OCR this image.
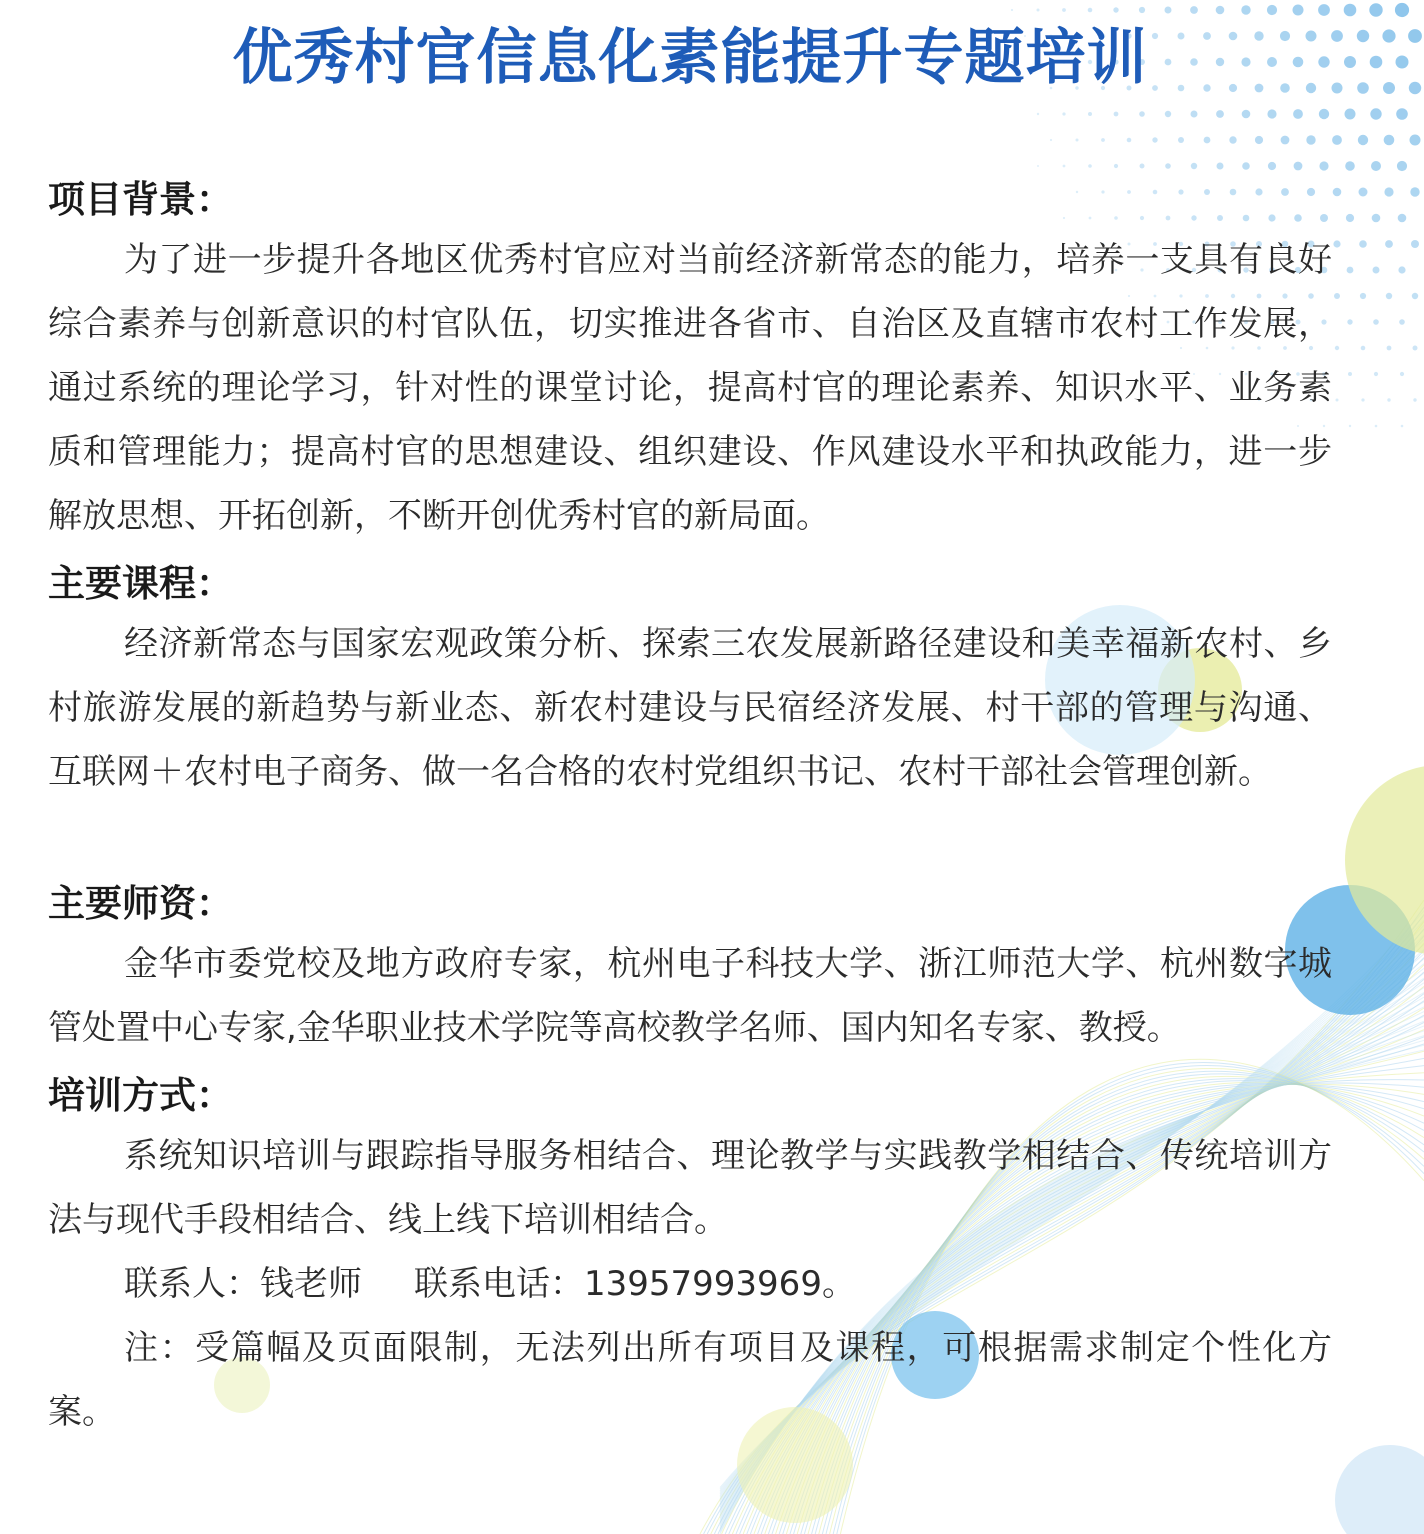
优秀村官信息化素能提升专题培训
项目背景：

为了进一步提升各地区优秀村官应对当前经济新常态的能力，培养一支具有良好综合素养与创新意识的村官队伍，切实推进各省市、自治区及直辖市农村工作发展，通过系统的理论学习，针对性的课堂讨论，提高村官的理论素养、知识水平、业务素质和管理能力；提高村官的思想建设、组织建设、作风建设水平和执政能力，进一步解放思想、开拓创新，不断开创优秀村官的新局面。

主要课程：

经济新常态与国家宏观政策分析、探索三农发展新路径建设和美幸福新农村、乡村旅游发展的新趋势与新业态、新农村建设与民宿经济发展、村干部的管理与沟通、互联网＋农村电子商务、做一名合格的农村党组织书记、农村干部社会管理创新。

主要师资：

金华市委党校及地方政府专家，杭州电子科技大学、浙江师范大学、杭州数字城管处置中心专家,金华职业技术学院等高校教学名师、国内知名专家、教授。

培训方式：

系统知识培训与跟踪指导服务相结合、理论教学与实践教学相结合、传统培训方法与现代手段相结合、线上线下培训相结合。

联系人：钱老师 联系电话：13957993969。

注：受篇幅及页面限制，无法列出所有项目及课程，可根据需求制定个性化方案。
